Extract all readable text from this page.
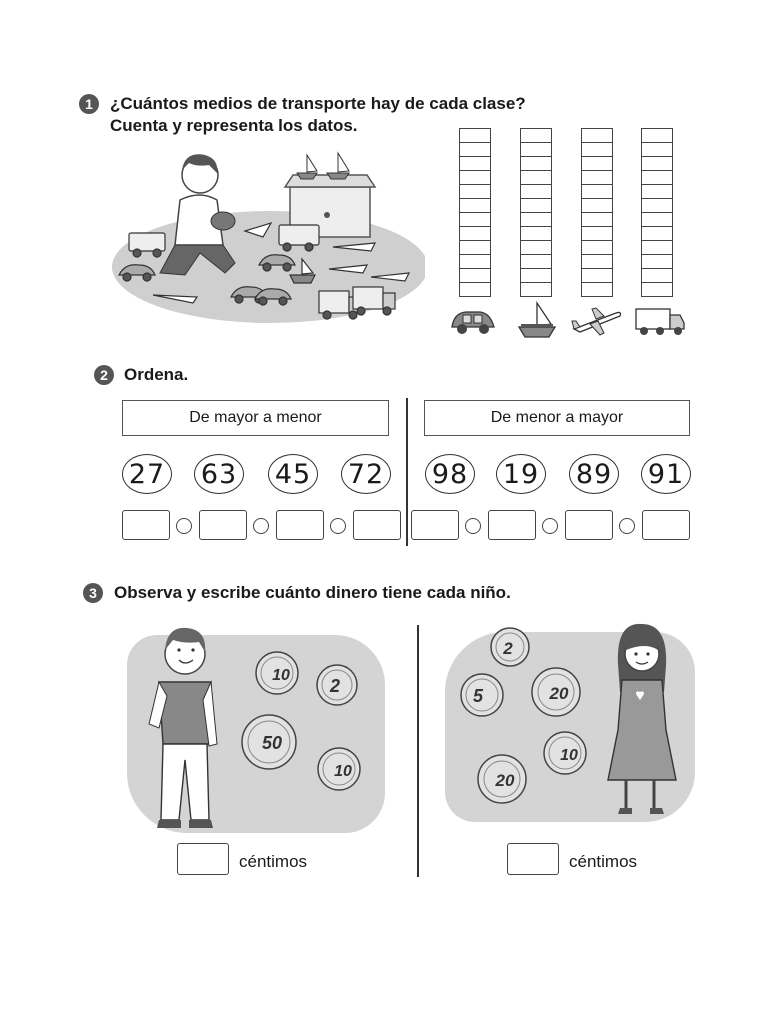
1 ¿Cuántos medios de transporte hay de cada clase?
Cuenta y representa los datos.
2 Ordena.
De mayor a menor	De menor a mayor
27 63 45 72 98 19 89 91
3 Observa y escribe cuánto dinero tiene cada niño.
10
2
50
10
céntimos
2
5	20
10
20
céntimos
